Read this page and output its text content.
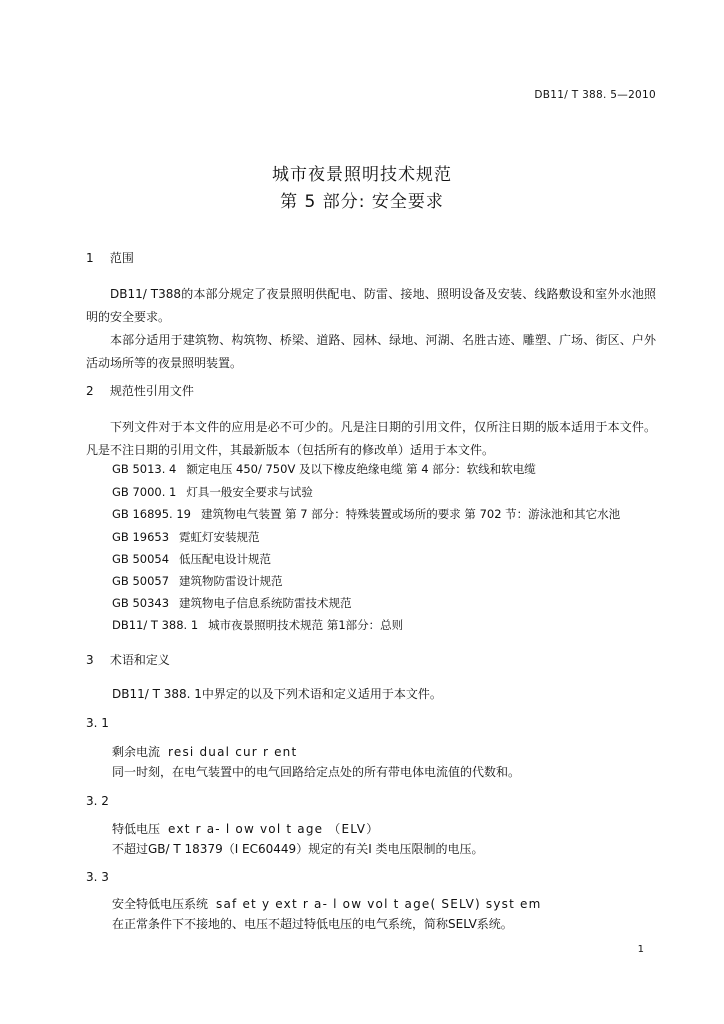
DB11/ T 388. 5—2010
城市夜景照明技术规范
第 5 部分: 安全要求
1 范围
DB11/ T388的本部分规定了夜景照明供配电、防雷、接地、照明设备及安装、线路敷设和室外水池照明的安全要求。
本部分适用于建筑物、构筑物、桥梁、道路、园林、绿地、河湖、名胜古迹、雕塑、广场、街区、户外活动场所等的夜景照明装置。
2 规范性引用文件
下列文件对于本文件的应用是必不可少的。凡是注日期的引用文件，仅所注日期的版本适用于本文件。凡是不注日期的引用文件，其最新版本（包括所有的修改单）适用于本文件。
GB 5013. 4 额定电压 450/ 750V 及以下橡皮绝缘电缆 第 4 部分：软线和软电缆
GB 7000. 1 灯具一般安全要求与试验
GB 16895. 19 建筑物电气装置 第 7 部分：特殊装置或场所的要求 第 702 节：游泳池和其它水池
GB 19653 霓虹灯安装规范
GB 50054 低压配电设计规范
GB 50057 建筑物防雷设计规范
GB 50343 建筑物电子信息系统防雷技术规范
DB11/ T 388. 1 城市夜景照明技术规范 第1部分：总则
3 术语和定义
DB11/ T 388. 1中界定的以及下列术语和定义适用于本文件。
3. 1
剩余电流 resi dual cur r ent
同一时刻，在电气装置中的电气回路给定点处的所有带电体电流值的代数和。
3. 2
特低电压 ext r a- l ow vol t age （ELV）
不超过GB/ T 18379（I EC60449）规定的有关I 类电压限制的电压。
3. 3
安全特低电压系统 saf et y ext r a- l ow vol t age( SELV) syst em
在正常条件下不接地的、电压不超过特低电压的电气系统，简称SELV系统。
1
